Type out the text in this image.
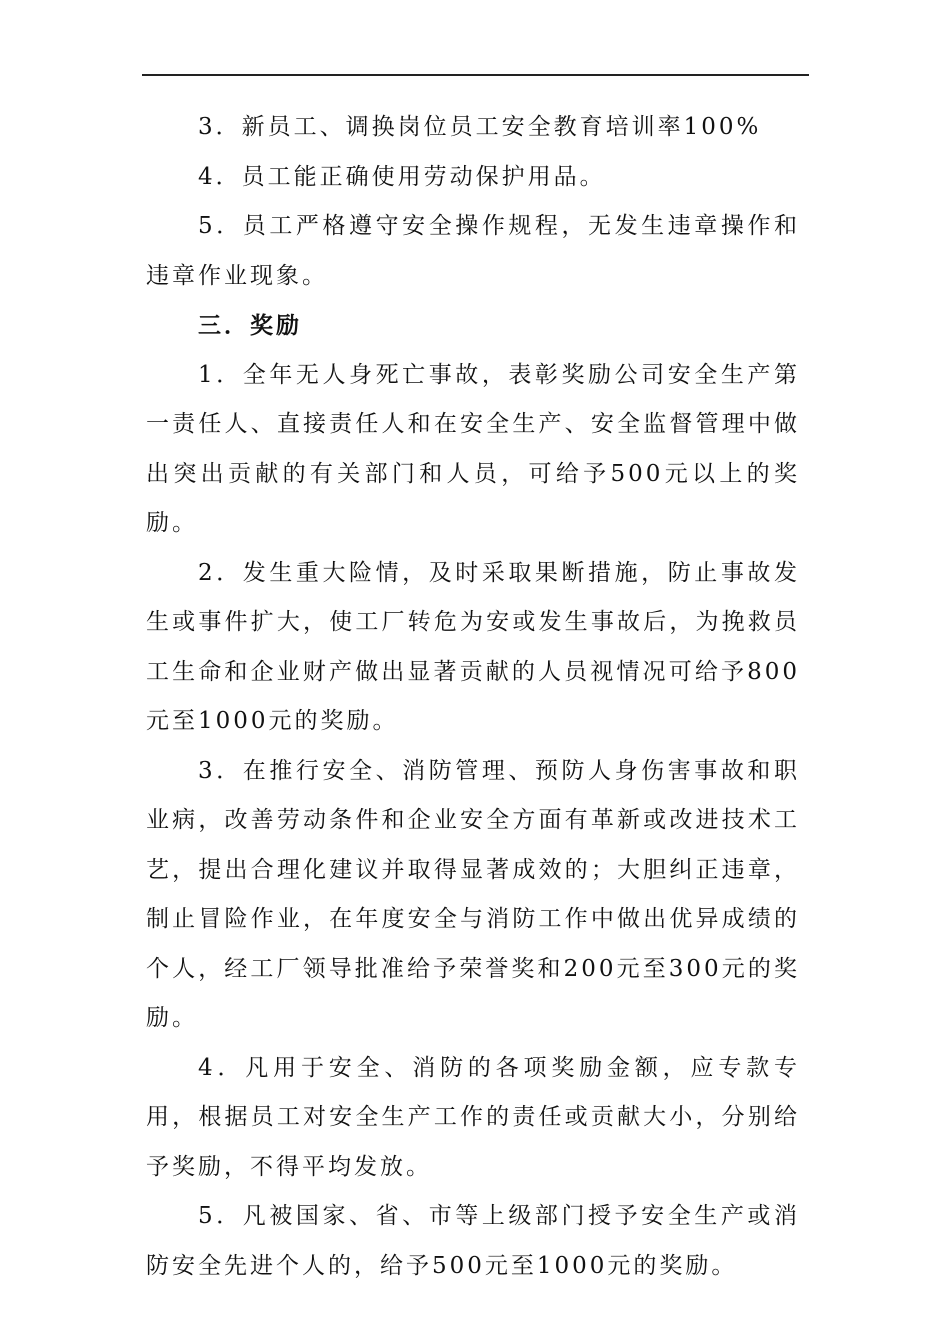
3．新员工、调换岗位员工安全教育培训率100%

4．员工能正确使用劳动保护用品。

5．员工严格遵守安全操作规程，无发生违章操作和违章作业现象。

三．奖励

1．全年无人身死亡事故，表彰奖励公司安全生产第一责任人、直接责任人和在安全生产、安全监督管理中做出突出贡献的有关部门和人员，可给予500元以上的奖励。

2．发生重大险情，及时采取果断措施，防止事故发生或事件扩大，使工厂转危为安或发生事故后，为挽救员工生命和企业财产做出显著贡献的人员视情况可给予800元至1000元的奖励。

3．在推行安全、消防管理、预防人身伤害事故和职业病，改善劳动条件和企业安全方面有革新或改进技术工艺，提出合理化建议并取得显著成效的；大胆纠正违章，制止冒险作业，在年度安全与消防工作中做出优异成绩的个人，经工厂领导批准给予荣誉奖和200元至300元的奖励。

4．凡用于安全、消防的各项奖励金额，应专款专用，根据员工对安全生产工作的责任或贡献大小，分别给予奖励，不得平均发放。

5．凡被国家、省、市等上级部门授予安全生产或消防安全先进个人的，给予500元至1000元的奖励。
